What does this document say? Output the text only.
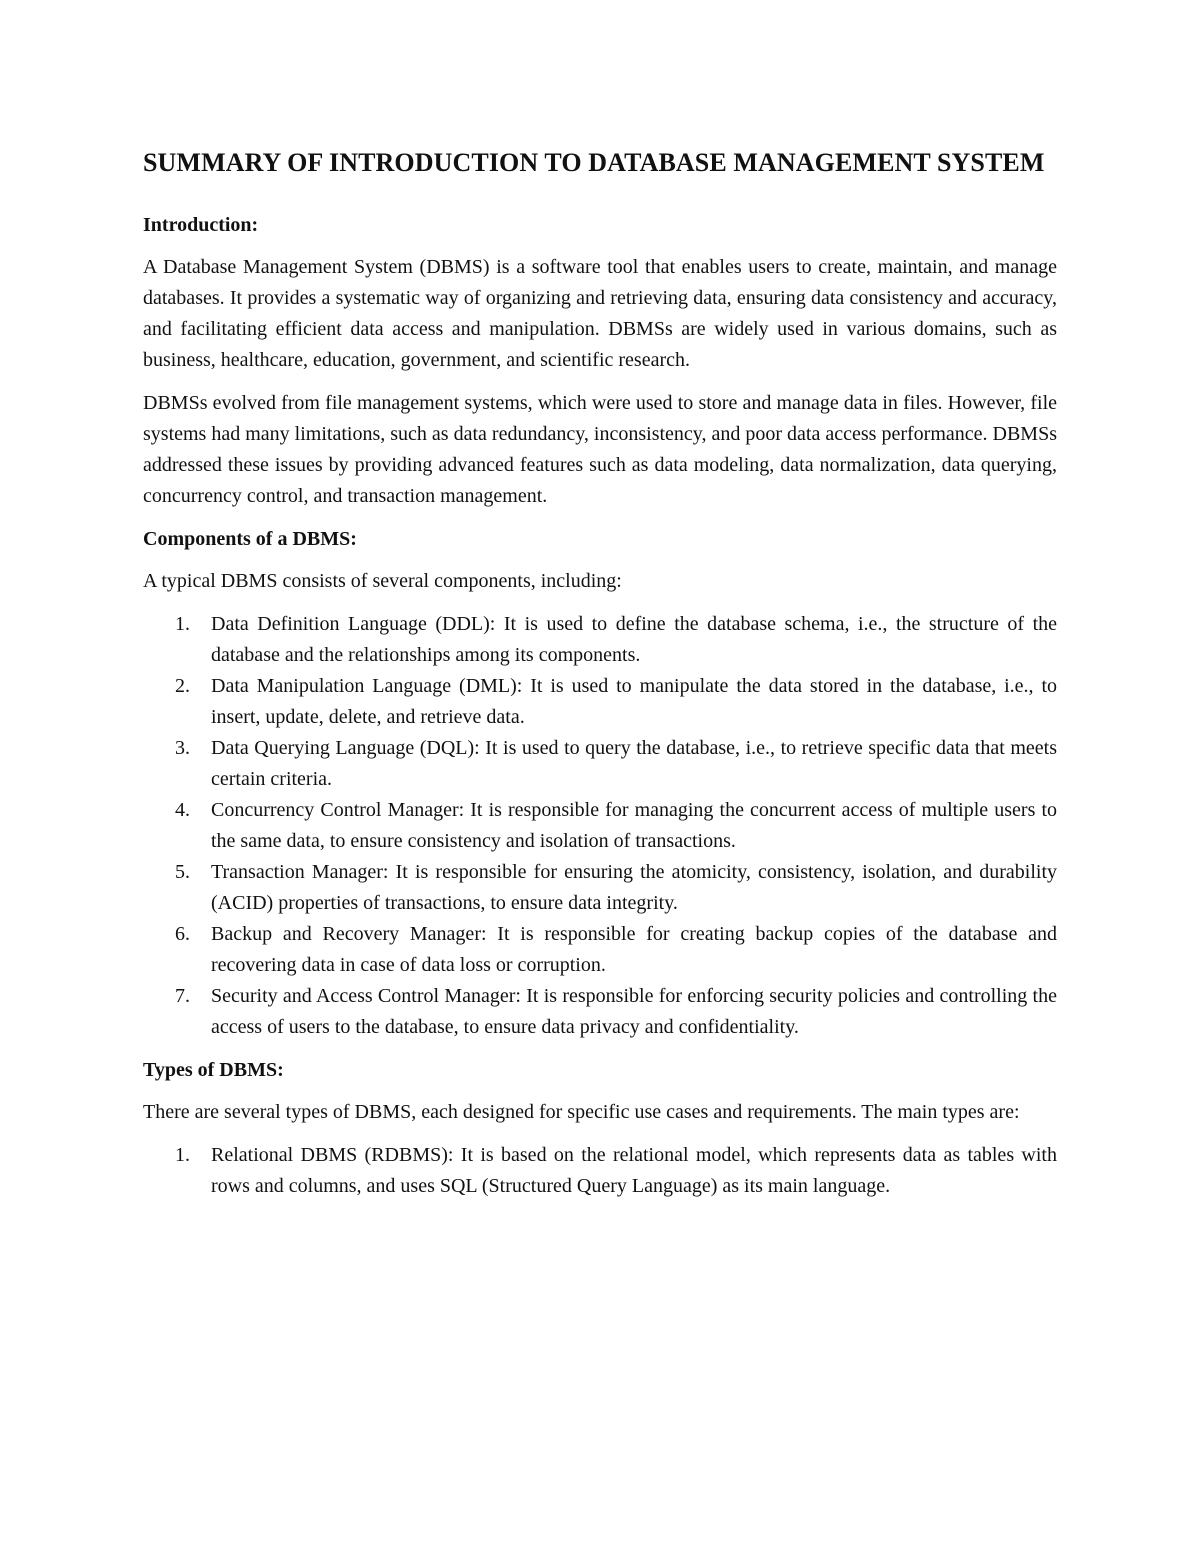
SUMMARY OF INTRODUCTION TO DATABASE MANAGEMENT SYSTEM
Introduction:

A Database Management System (DBMS) is a software tool that enables users to create, maintain, and manage databases. It provides a systematic way of organizing and retrieving data, ensuring data consistency and accuracy, and facilitating efficient data access and manipulation. DBMSs are widely used in various domains, such as business, healthcare, education, government, and scientific research.

DBMSs evolved from file management systems, which were used to store and manage data in files. However, file systems had many limitations, such as data redundancy, inconsistency, and poor data access performance. DBMSs addressed these issues by providing advanced features such as data modeling, data normalization, data querying, concurrency control, and transaction management.

Components of a DBMS:

A typical DBMS consists of several components, including:

1. Data Definition Language (DDL): It is used to define the database schema, i.e., the structure of the database and the relationships among its components.
2. Data Manipulation Language (DML): It is used to manipulate the data stored in the database, i.e., to insert, update, delete, and retrieve data.
3. Data Querying Language (DQL): It is used to query the database, i.e., to retrieve specific data that meets certain criteria.
4. Concurrency Control Manager: It is responsible for managing the concurrent access of multiple users to the same data, to ensure consistency and isolation of transactions.
5. Transaction Manager: It is responsible for ensuring the atomicity, consistency, isolation, and durability (ACID) properties of transactions, to ensure data integrity.
6. Backup and Recovery Manager: It is responsible for creating backup copies of the database and recovering data in case of data loss or corruption.
7. Security and Access Control Manager: It is responsible for enforcing security policies and controlling the access of users to the database, to ensure data privacy and confidentiality.
Types of DBMS:

There are several types of DBMS, each designed for specific use cases and requirements. The main types are:

1. Relational DBMS (RDBMS): It is based on the relational model, which represents data as tables with rows and columns, and uses SQL (Structured Query Language) as its main language.
